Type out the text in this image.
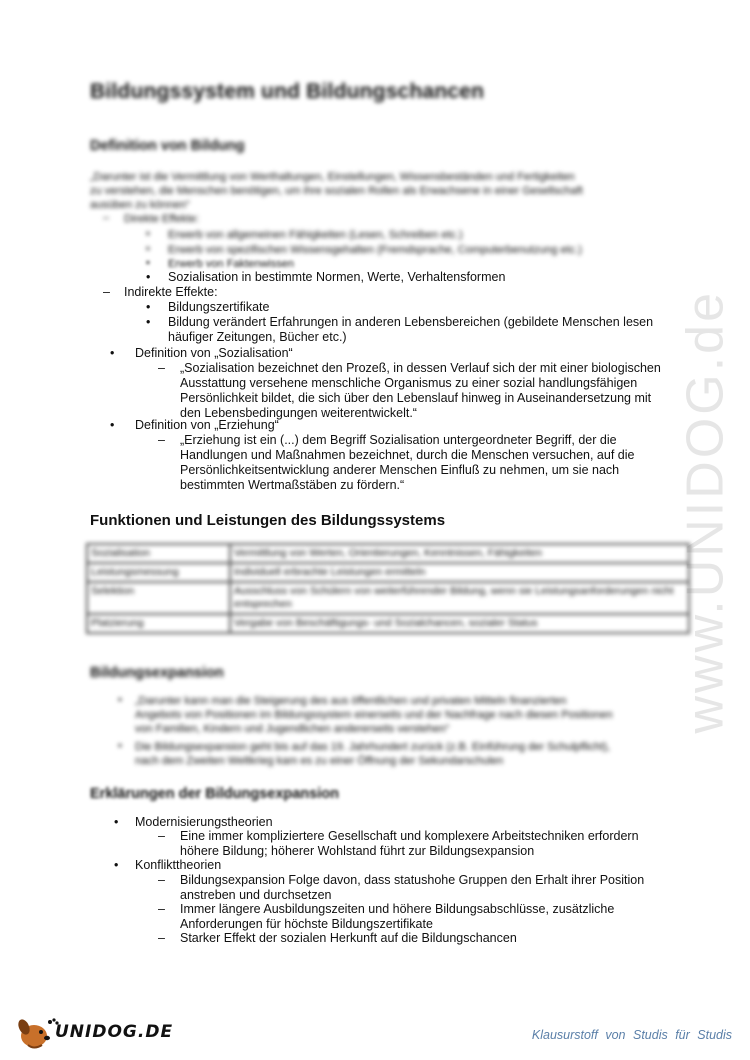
www.UNIDOG.de
Bildungssystem und Bildungschancen
Definition von Bildung
„Darunter ist die Vermittlung von Werthaltungen, Einstellungen, Wissensbeständen und Fertigkeiten
zu verstehen, die Menschen benötigen, um ihre sozialen Rollen als Erwachsene in einer Gesellschaft
ausüben zu können“
– Direkte Effekte:
• Erwerb von allgemeinen Fähigkeiten (Lesen, Schreiben etc.)
• Erwerb von spezifischen Wissensgehalten (Fremdsprache, Computerbenutzung etc.)
• Erwerb von Faktenwissen
• Sozialisation in bestimmte Normen, Werte, Verhaltensformen
– Indirekte Effekte:
• Bildungszertifikate
• Bildung verändert Erfahrungen in anderen Lebensbereichen (gebildete Menschen lesen häufiger Zeitungen, Bücher etc.)
• Definition von „Sozialisation“
– „Sozialisation bezeichnet den Prozeß, in dessen Verlauf sich der mit einer biologischen Ausstattung versehene menschliche Organismus zu einer sozial handlungsfähigen Persönlichkeit bildet, die sich über den Lebenslauf hinweg in Auseinandersetzung mit den Lebensbedingungen weiterentwickelt.“
• Definition von „Erziehung“
– „Erziehung ist ein (...) dem Begriff Sozialisation untergeordneter Begriff, der die Handlungen und Maßnahmen bezeichnet, durch die Menschen versuchen, auf die Persönlichkeitsentwicklung anderer Menschen Einfluß zu nehmen, um sie nach bestimmten Wertmaßstäben zu fördern.“
Funktionen und Leistungen des Bildungssystems
Sozialisation	Vermittlung von Werten, Orientierungen, Kenntnissen, Fähigkeiten
Leistungsmessung	Individuell erbrachte Leistungen ermitteln
Selektion	Ausschluss von Schülern von weiterführender Bildung, wenn sie Leistungsanforderungen nicht entsprechen
Platzierung	Vergabe von Beschäftigungs- und Sozialchancen, sozialer Status
Bildungsexpansion
• „Darunter kann man die Steigerung des aus öffentlichen und privaten Mitteln finanzierten Angebots von Positionen im Bildungssystem einerseits und der Nachfrage nach diesen Positionen von Familien, Kindern und Jugendlichen andererseits verstehen“
• Die Bildungsexpansion geht bis auf das 19. Jahrhundert zurück (z.B. Einführung der Schulpflicht), nach dem Zweiten Weltkrieg kam es zu einer Öffnung der Sekundarschulen
Erklärungen der Bildungsexpansion
• Modernisierungstheorien
– Eine immer kompliziertere Gesellschaft und komplexere Arbeitstechniken erfordern höhere Bildung; höherer Wohlstand führt zur Bildungsexpansion
• Konflikttheorien
– Bildungsexpansion Folge davon, dass statushohe Gruppen den Erhalt ihrer Position anstreben und durchsetzen
– Immer längere Ausbildungszeiten und höhere Bildungsabschlüsse, zusätzliche Anforderungen für höchste Bildungszertifikate
– Starker Effekt der sozialen Herkunft auf die Bildungschancen
UNIDOG.DE	Klausurstoff von Studis für Studis
